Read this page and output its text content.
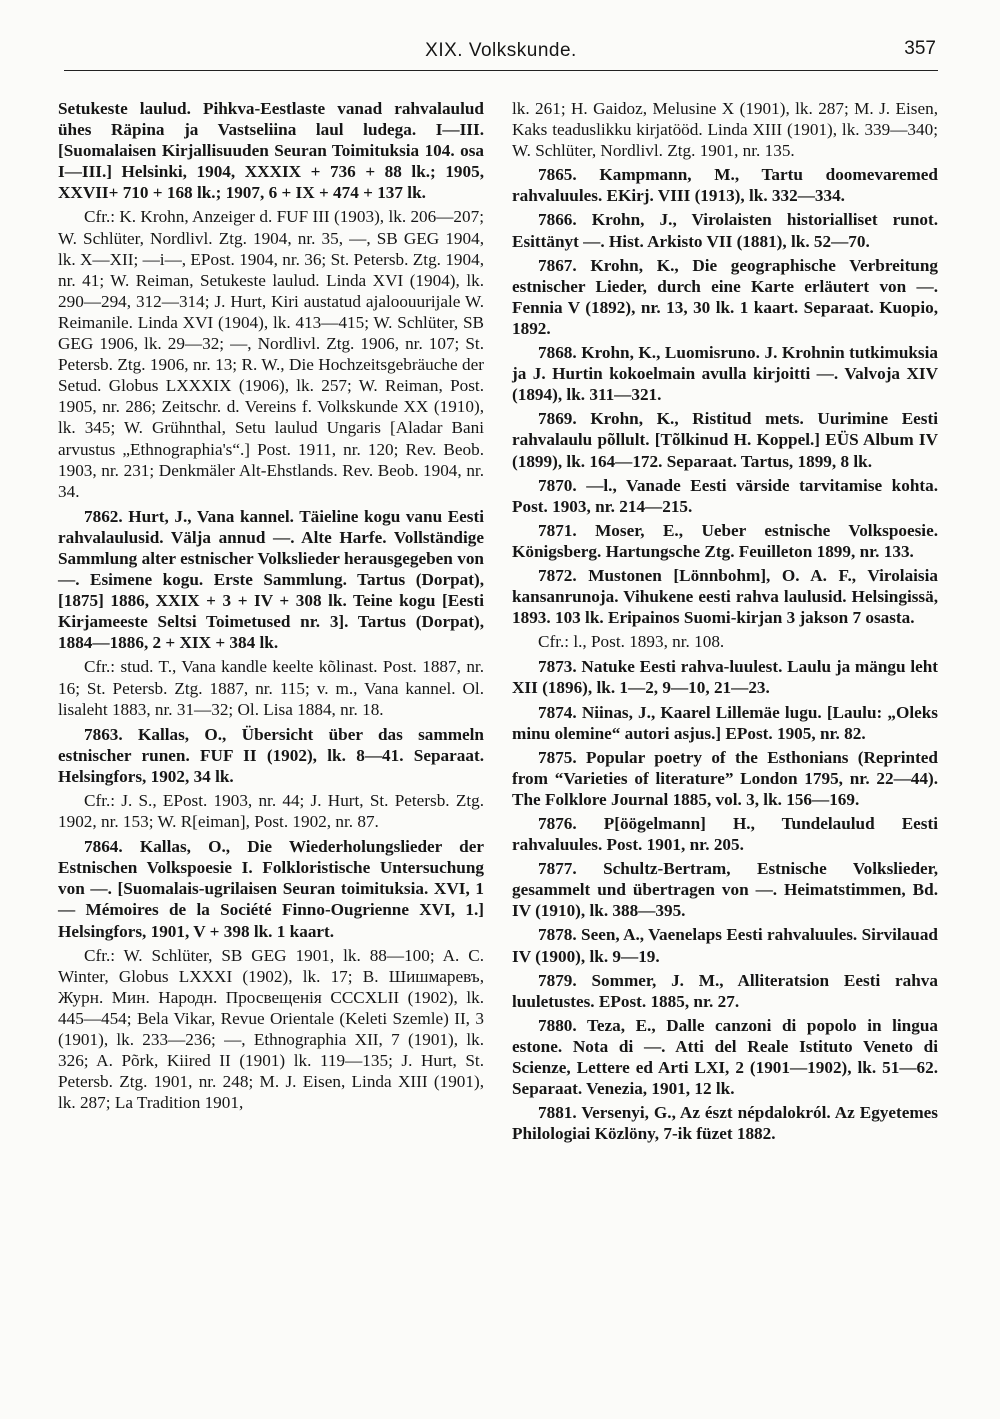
XIX. Volkskunde.	357

Setukeste laulud. Pihkva-Eestlaste vanad rahvalaulud ühes Räpina ja Vastseliina laul ludega. I—III. [Suomalaisen Kirjallisuuden Seuran Toimituksia 104. osa I—III.] Helsinki, 1904, XXXIX + 736 + 88 lk.; 1905, XXVII+ 710 + 168 lk.; 1907, 6 + IX + 474 + 137 lk.

Cfr.: K. Krohn, Anzeiger d. FUF III (1903), lk. 206—207; W. Schlüter, Nordlivl. Ztg. 1904, nr. 35, —, SB GEG 1904, lk. X—XII; —i—, EPost. 1904, nr. 36; St. Petersb. Ztg. 1904, nr. 41; W. Reiman, Setukeste laulud. Linda XVI (1904), lk. 290—294, 312—314; J. Hurt, Kiri austatud ajaloouurijale W. Reimanile. Linda XVI (1904), lk. 413—415; W. Schlüter, SB GEG 1906, lk. 29—32; —, Nordlivl. Ztg. 1906, nr. 107; St. Petersb. Ztg. 1906, nr. 13; R. W., Die Hochzeitsgebräuche der Setud. Globus LXXXIX (1906), lk. 257; W. Reiman, Post. 1905, nr. 286; Zeitschr. d. Vereins f. Volkskunde XX (1910), lk. 345; W. Grühnthal, Setu laulud Ungaris [Aladar Bani arvustus „Ethnographia's“.] Post. 1911, nr. 120; Rev. Beob. 1903, nr. 231; Denkmäler Alt-Ehstlands. Rev. Beob. 1904, nr. 34.

7862. Hurt, J., Vana kannel. Täieline kogu vanu Eesti rahvalaulusid. Välja annud —. Alte Harfe. Vollständige Sammlung alter estnischer Volkslieder herausgegeben von —. Esimene kogu. Erste Sammlung. Tartus (Dorpat), [1875] 1886, XXIX + 3 + IV + 308 lk. Teine kogu [Eesti Kirjameeste Seltsi Toimetused nr. 3]. Tartus (Dorpat), 1884—1886, 2 + XIX + 384 lk.

Cfr.: stud. T., Vana kandle keelte kõlinast. Post. 1887, nr. 16; St. Petersb. Ztg. 1887, nr. 115; v. m., Vana kannel. Ol. lisaleht 1883, nr. 31—32; Ol. Lisa 1884, nr. 18.

7863. Kallas, O., Übersicht über das sammeln estnischer runen. FUF II (1902), lk. 8—41. Separaat. Helsingfors, 1902, 34 lk.

Cfr.: J. S., EPost. 1903, nr. 44; J. Hurt, St. Petersb. Ztg. 1902, nr. 153; W. R[eiman], Post. 1902, nr. 87.

7864. Kallas, O., Die Wiederholungslieder der Estnischen Volkspoesie I. Folkloristische Untersuchung von —. [Suomalais-ugrilaisen Seuran toimituksia. XVI, 1 — Mémoires de la Société Finno-Ougrienne XVI, 1.] Helsingfors, 1901, V + 398 lk. 1 kaart.

Cfr.: W. Schlüter, SB GEG 1901, lk. 88—100; A. C. Winter, Globus LXXXI (1902), lk. 17; В. Шишмаревъ, Журн. Мин. Народн. Просвещенія CCCXLII (1902), lk. 445—454; Bela Vikar, Revue Orientale (Keleti Szemle) II, 3 (1901), lk. 233—236; —, Ethnographia XII, 7 (1901), lk. 326; A. Põrk, Kiired II (1901) lk. 119—135; J. Hurt, St. Petersb. Ztg. 1901, nr. 248; M. J. Eisen, Linda XIII (1901), lk. 287; La Tradition 1901,

lk. 261; H. Gaidoz, Melusine X (1901), lk. 287; M. J. Eisen, Kaks teaduslikku kirjatööd. Linda XIII (1901), lk. 339—340; W. Schlüter, Nordlivl. Ztg. 1901, nr. 135.

7865. Kampmann, M., Tartu doomevaremed rahvaluules. EKirj. VIII (1913), lk. 332—334.

7866. Krohn, J., Virolaisten historialliset runot. Esittänyt —. Hist. Arkisto VII (1881), lk. 52—70.

7867. Krohn, K., Die geographische Verbreitung estnischer Lieder, durch eine Karte erläutert von —. Fennia V (1892), nr. 13, 30 lk. 1 kaart. Separaat. Kuopio, 1892.

7868. Krohn, K., Luomisruno. J. Krohnin tutkimuksia ja J. Hurtin kokoelmain avulla kirjoitti —. Valvoja XIV (1894), lk. 311—321.

7869. Krohn, K., Ristitud mets. Uurimine Eesti rahvalaulu põllult. [Tõlkinud H. Koppel.] EÜS Album IV (1899), lk. 164—172. Separaat. Tartus, 1899, 8 lk.

7870. —l., Vanade Eesti värside tarvitamise kohta. Post. 1903, nr. 214—215.

7871. Moser, E., Ueber estnische Volkspoesie. Königsberg. Hartungsche Ztg. Feuilleton 1899, nr. 133.

7872. Mustonen [Lönnbohm], O. A. F., Virolaisia kansanrunoja. Vihukene eesti rahva laulusid. Helsingissä, 1893. 103 lk. Eripainos Suomi-kirjan 3 jakson 7 osasta.

Cfr.: l., Post. 1893, nr. 108.

7873. Natuke Eesti rahva-luulest. Laulu ja mängu leht XII (1896), lk. 1—2, 9—10, 21—23.

7874. Niinas, J., Kaarel Lillemäe lugu. [Laulu: „Oleks minu olemine“ autori asjus.] EPost. 1905, nr. 82.

7875. Popular poetry of the Esthonians (Reprinted from “Varieties of literature” London 1795, nr. 22—44). The Folklore Journal 1885, vol. 3, lk. 156—169.

7876. P[öögelmann] H., Tundelaulud Eesti rahvaluules. Post. 1901, nr. 205.

7877. Schultz-Bertram, Estnische Volkslieder, gesammelt und übertragen von —. Heimatstimmen, Bd. IV (1910), lk. 388—395.

7878. Seen, A., Vaenelaps Eesti rahvaluules. Sirvilauad IV (1900), lk. 9—19.

7879. Sommer, J. M., Alliteratsion Eesti rahva luuletustes. EPost. 1885, nr. 27.

7880. Teza, E., Dalle canzoni di popolo in lingua estone. Nota di —. Atti del Reale Istituto Veneto di Scienze, Lettere ed Arti LXI, 2 (1901—1902), lk. 51—62. Separaat. Venezia, 1901, 12 lk.

7881. Versenyi, G., Az észt népdalokról. Az Egyetemes Philologiai Közlöny, 7-ik füzet 1882.
